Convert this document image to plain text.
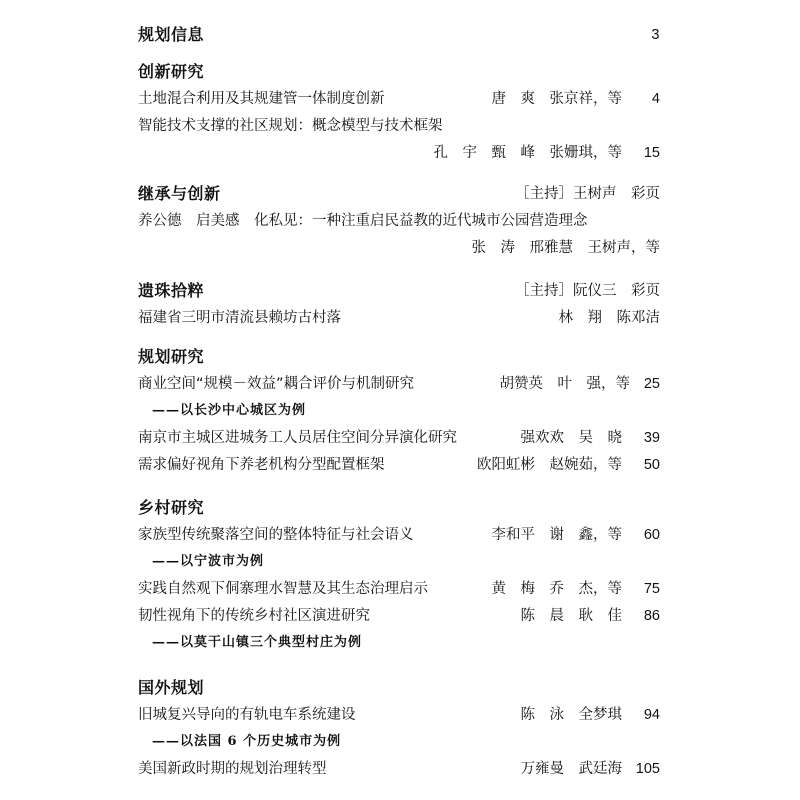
规划信息	3
创新研究
土地混合利用及其规建管一体制度创新	唐　爽　张京祥，等 4
智能技术支撑的社区规划：概念模型与技术框架
孔　宇　甄　峰　张姗琪，等 15
继承与创新	［主持］王树声　彩页
养公德　启美感　化私见：一种注重启民益教的近代城市公园营造理念
张　涛　邢雅慧　王树声，等
遗珠拾粹	［主持］阮仪三　彩页
福建省三明市清流县赖坊古村落	林　翔　陈邓洁
规划研究
商业空间“规模－效益”耦合评价与机制研究	胡赞英　叶　强，等 25
——以长沙中心城区为例
南京市主城区进城务工人员居住空间分异演化研究	强欢欢　吴　晓 39
需求偏好视角下养老机构分型配置框架	欧阳虹彬　赵婉茹，等 50
乡村研究
家族型传统聚落空间的整体特征与社会语义	李和平　谢　鑫，等 60
——以宁波市为例
实践自然观下侗寨理水智慧及其生态治理启示	黄　梅　乔　杰，等 75
韧性视角下的传统乡村社区演进研究	陈　晨　耿　佳 86
——以莫干山镇三个典型村庄为例
国外规划
旧城复兴导向的有轨电车系统建设	陈　泳　全梦琪 94
——以法国 6 个历史城市为例
美国新政时期的规划治理转型	万雍曼　武廷海 105
